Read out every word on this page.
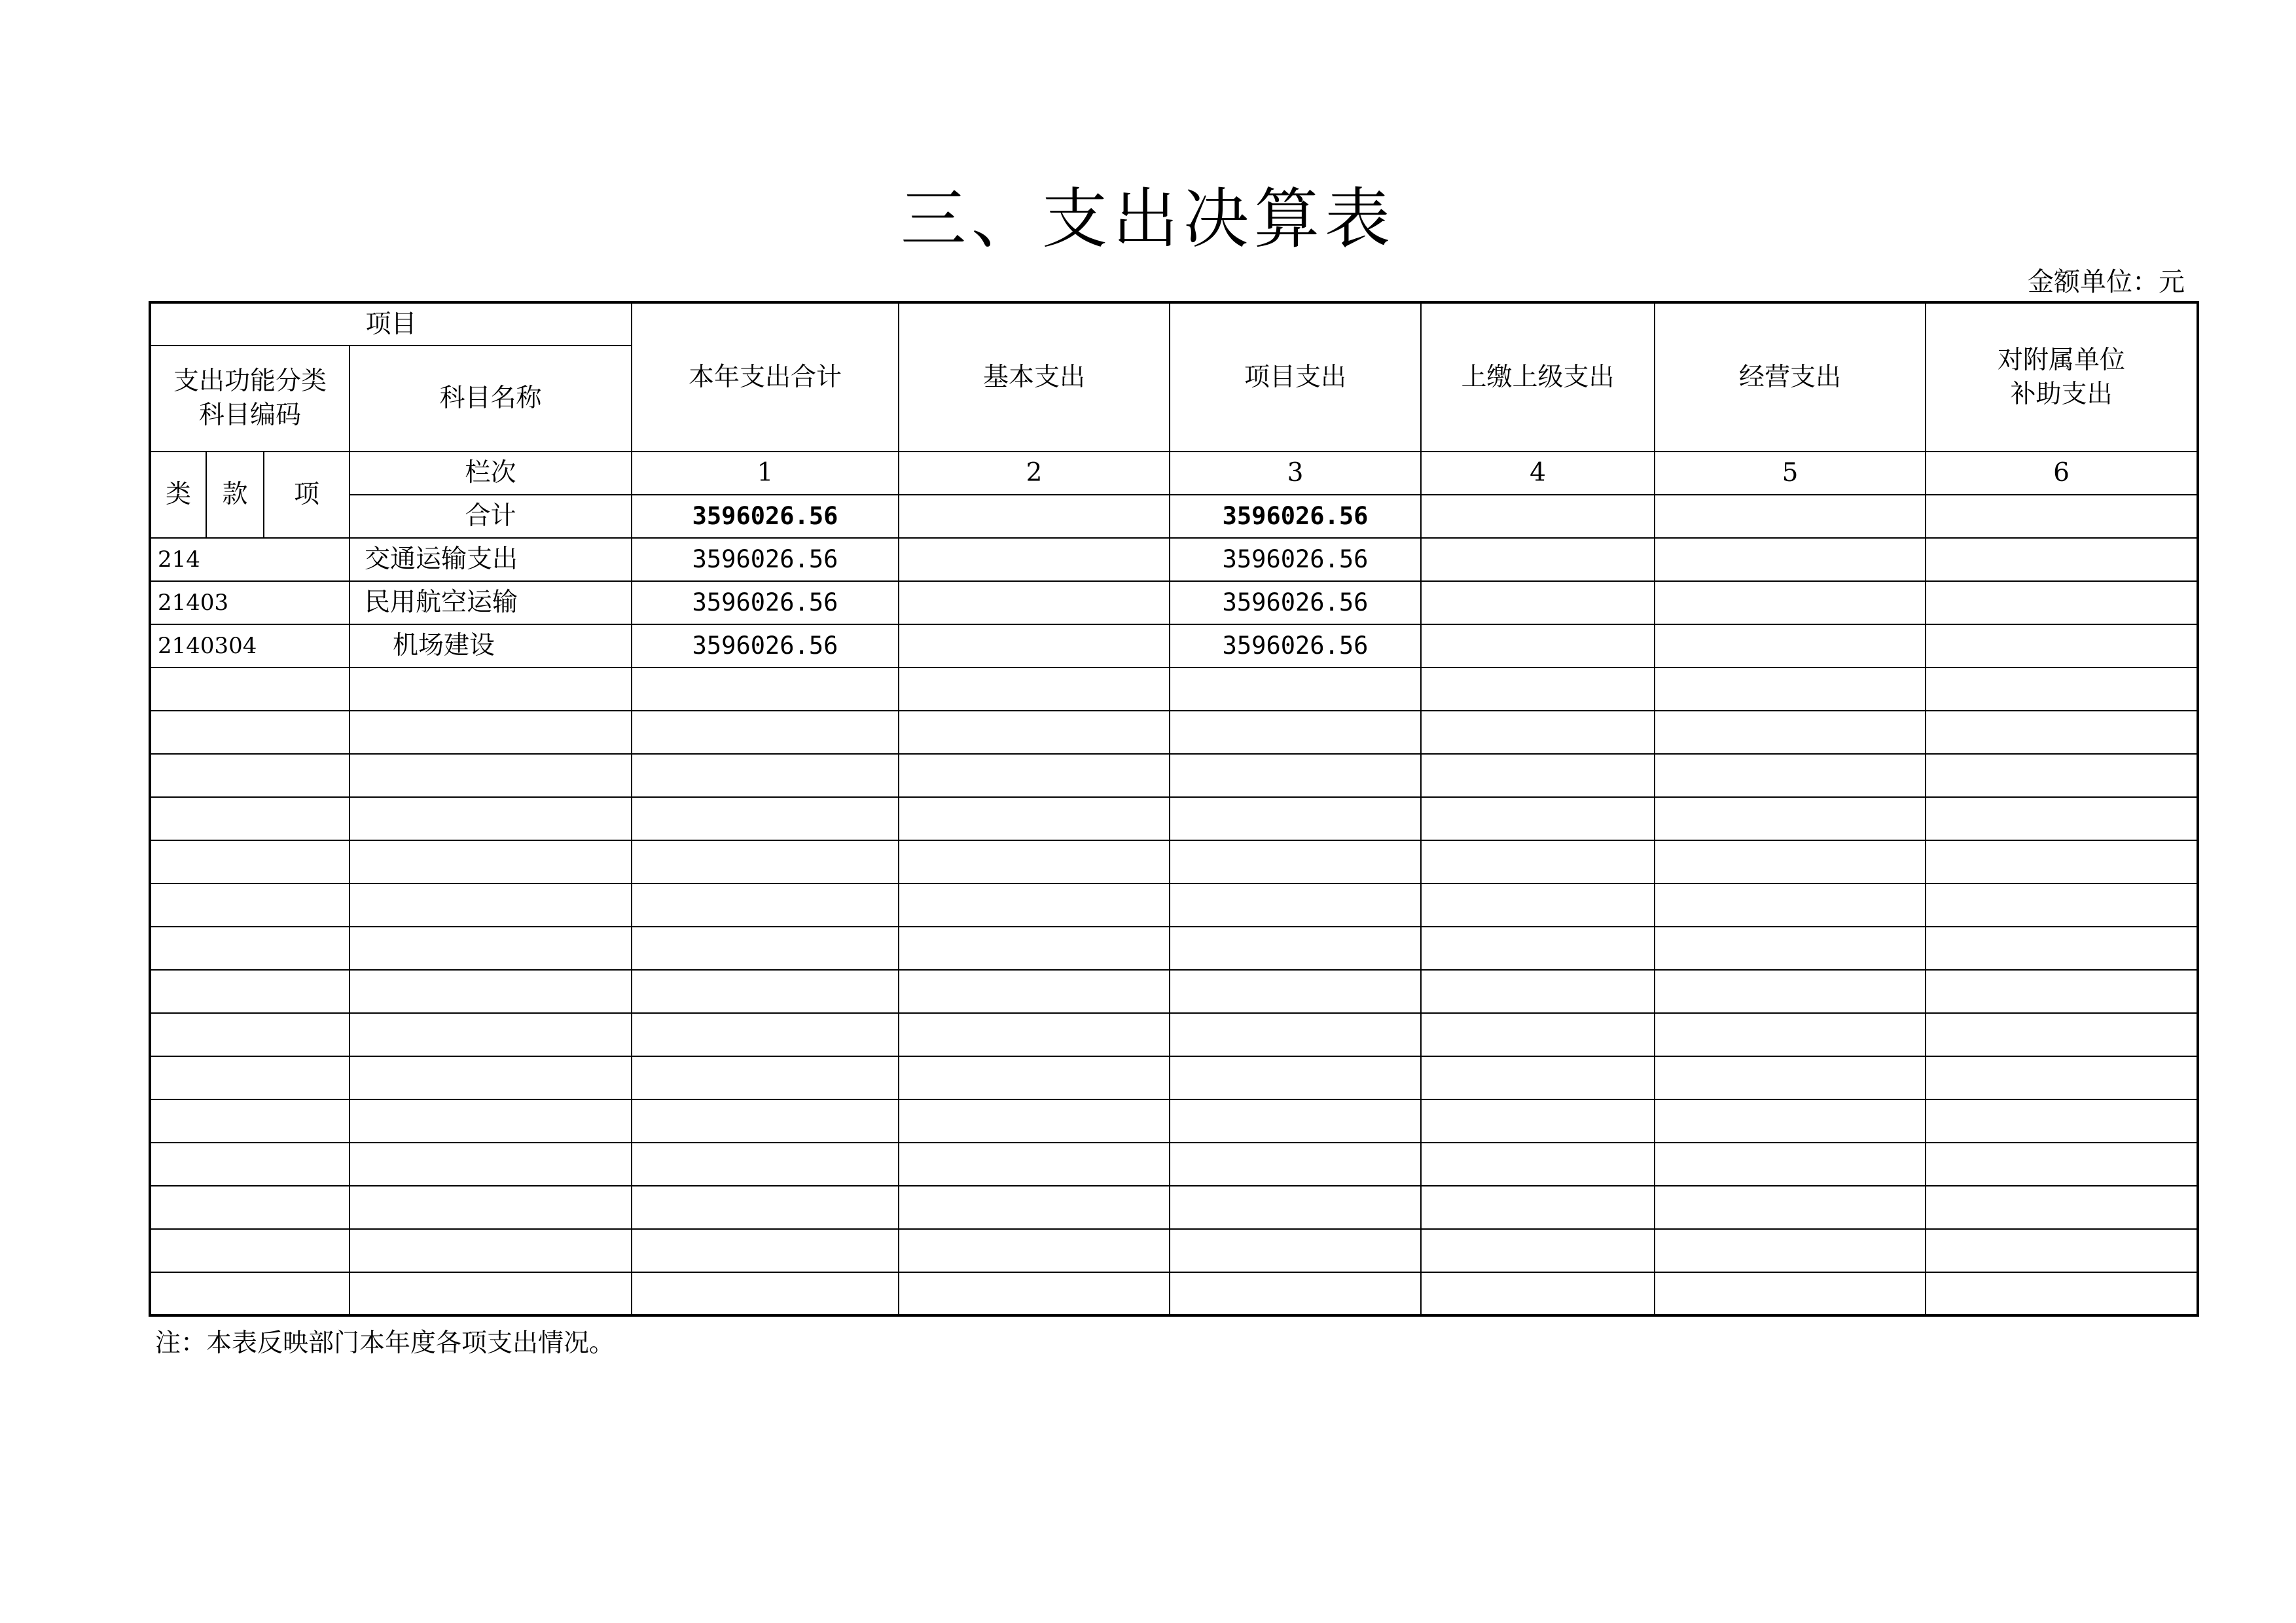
三、支出决算表
金额单位：元
项目				本年支出合计	基本支出	项目支出	上缴上级支出	经营支出	对附属单位
补助支出

支出功能分类
科目编码			科目名称						
类	款	项	栏次	1	2	3	4	5	6
			合计	3596026.56		3596026.56			
214			交通运输支出	3596026.56		3596026.56			
21403			民用航空运输	3596026.56		3596026.56			
2140304			机场建设	3596026.56		3596026.56			

注：本表反映部门本年度各项支出情况。
